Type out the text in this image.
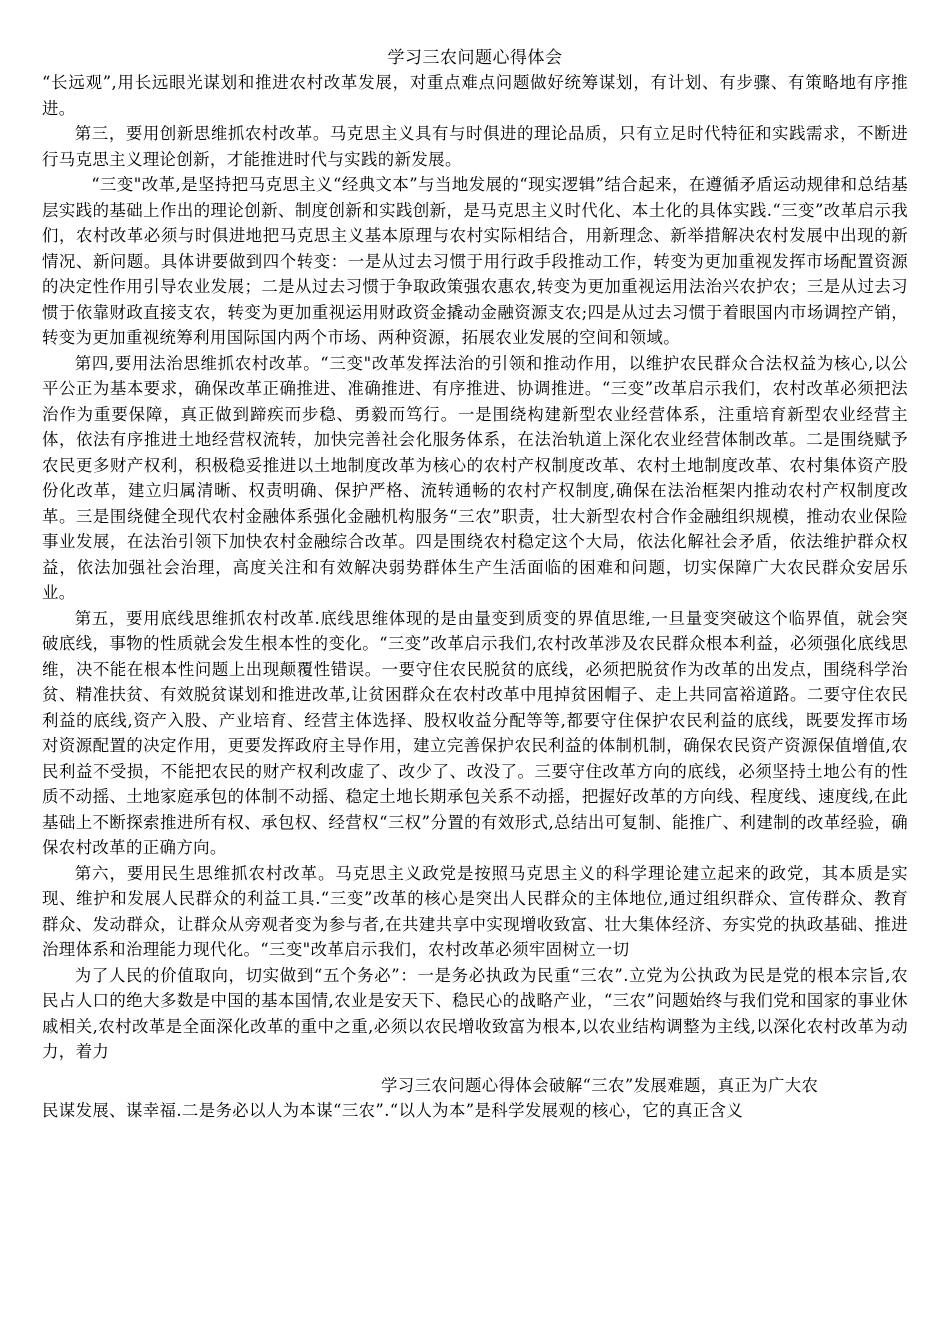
学习三农问题心得体会

“长远观”,用长远眼光谋划和推进农村改革发展，对重点难点问题做好统筹谋划，有计划、有步骤、有策略地有序推进。

第三，要用创新思维抓农村改革。马克思主义具有与时俱进的理论品质，只有立足时代特征和实践需求，不断进行马克思主义理论创新，才能推进时代与实践的新发展。

“三变"改革,是坚持把马克思主义“经典文本”与当地发展的“现实逻辑”结合起来，在遵循矛盾运动规律和总结基层实践的基础上作出的理论创新、制度创新和实践创新，是马克思主义时代化、本土化的具体实践.“三变”改革启示我们，农村改革必须与时俱进地把马克思主义基本原理与农村实际相结合，用新理念、新举措解决农村发展中出现的新情况、新问题。具体讲要做到四个转变：一是从过去习惯于用行政手段推动工作，转变为更加重视发挥市场配置资源的决定性作用引导农业发展；二是从过去习惯于争取政策强农惠农,转变为更加重视运用法治兴农护农；三是从过去习惯于依靠财政直接支农，转变为更加重视运用财政资金撬动金融资源支农;四是从过去习惯于着眼国内市场调控产销，转变为更加重视统筹利用国际国内两个市场、两种资源，拓展农业发展的空间和领域。

第四,要用法治思维抓农村改革。“三变"改革发挥法治的引领和推动作用，以维护农民群众合法权益为核心,以公平公正为基本要求，确保改革正确推进、准确推进、有序推进、协调推进。“三变”改革启示我们，农村改革必须把法治作为重要保障，真正做到蹄疾而步稳、勇毅而笃行。一是围绕构建新型农业经营体系，注重培育新型农业经营主体，依法有序推进土地经营权流转，加快完善社会化服务体系，在法治轨道上深化农业经营体制改革。二是围绕赋予农民更多财产权利，积极稳妥推进以土地制度改革为核心的农村产权制度改革、农村土地制度改革、农村集体资产股份化改革，建立归属清晰、权责明确、保护严格、流转通畅的农村产权制度,确保在法治框架内推动农村产权制度改革。三是围绕健全现代农村金融体系强化金融机构服务“三农”职责，壮大新型农村合作金融组织规模，推动农业保险事业发展，在法治引领下加快农村金融综合改革。四是围绕农村稳定这个大局，依法化解社会矛盾，依法维护群众权益，依法加强社会治理，高度关注和有效解决弱势群体生产生活面临的困难和问题，切实保障广大农民群众安居乐业。

第五，要用底线思维抓农村改革.底线思维体现的是由量变到质变的界值思维,一旦量变突破这个临界值，就会突破底线，事物的性质就会发生根本性的变化。“三变”改革启示我们,农村改革涉及农民群众根本利益，必须强化底线思维，决不能在根本性问题上出现颠覆性错误。一要守住农民脱贫的底线，必须把脱贫作为改革的出发点，围绕科学治贫、精准扶贫、有效脱贫谋划和推进改革,让贫困群众在农村改革中甩掉贫困帽子、走上共同富裕道路。二要守住农民利益的底线,资产入股、产业培育、经营主体选择、股权收益分配等等,都要守住保护农民利益的底线，既要发挥市场对资源配置的决定作用，更要发挥政府主导作用，建立完善保护农民利益的体制机制，确保农民资产资源保值增值,农民利益不受损，不能把农民的财产权利改虚了、改少了、改没了。三要守住改革方向的底线，必须坚持土地公有的性质不动摇、土地家庭承包的体制不动摇、稳定土地长期承包关系不动摇，把握好改革的方向线、程度线、速度线,在此基础上不断探索推进所有权、承包权、经营权“三权”分置的有效形式,总结出可复制、能推广、利建制的改革经验，确保农村改革的正确方向。

第六，要用民生思维抓农村改革。马克思主义政党是按照马克思主义的科学理论建立起来的政党，其本质是实现、维护和发展人民群众的利益工具.“三变”改革的核心是突出人民群众的主体地位,通过组织群众、宣传群众、教育群众、发动群众，让群众从旁观者变为参与者,在共建共享中实现增收致富、壮大集体经济、夯实党的执政基础、推进治理体系和治理能力现代化。“三变"改革启示我们，农村改革必须牢固树立一切

为了人民的价值取向，切实做到“五个务必”：一是务必执政为民重“三农”.立党为公执政为民是党的根本宗旨,农民占人口的绝大多数是中国的基本国情,农业是安天下、稳民心的战略产业，“三农”问题始终与我们党和国家的事业休戚相关,农村改革是全面深化改革的重中之重,必须以农民增收致富为根本,以农业结构调整为主线,以深化农村改革为动力，着力

学习三农问题心得体会破解“三农”发展难题，真正为广大农
民谋发展、谋幸福.二是务必以人为本谋“三农”.“以人为本”是科学发展观的核心，它的真正含义
